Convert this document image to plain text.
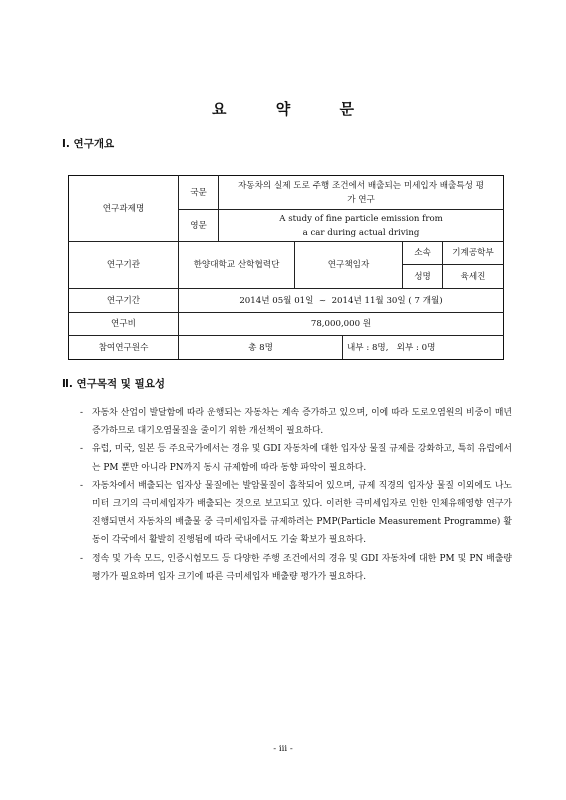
요 약 문
Ⅰ. 연구개요
연구과제명	국문	자동차의 실제 도로 주행 조건에서 배출되는 미세입자 배출특성 평가 연구				
	영문	A study of fine particle emission from a car during actual driving				
연구기관	한양대학교 산학협력단		연구책임자		소속	기계공학부
					성명	육세진
연구기간	2014년 05월 01일  ~  2014년 11월 30일 ( 7 개월)					
연구비	78,000,000 원					
참여연구원수	총 8명			내부 : 8명,   외부 : 0명		
Ⅱ. 연구목적 및 필요성
- 자동차 산업이 발달함에 따라 운행되는 자동차는 계속 증가하고 있으며, 이에 따라 도로오염원의 비중이 매년 증가하므로 대기오염물질을 줄이기 위한 개선책이 필요하다.
- 유럽, 미국, 일본 등 주요국가에서는 경유 및 GDI 자동차에 대한 입자상 물질 규제를 강화하고, 특히 유럽에서는 PM 뿐만 아니라 PN까지 동시 규제함에 따라 동향 파악이 필요하다.
- 자동차에서 배출되는 입자상 물질에는 발암물질이 흡착되어 있으며, 규제 직경의 입자상 물질 이외에도 나노미터 크기의 극미세입자가 배출되는 것으로 보고되고 있다. 이러한 극미세입자로 인한 인체유해영향 연구가 진행되면서 자동차의 배출물 중 극미세입자를 규제하려는 PMP(Particle Measurement Programme) 활동이 각국에서 활발히 진행됨에 따라 국내에서도 기술 확보가 필요하다.
- 정속 및 가속 모드, 인증시험모드 등 다양한 주행 조건에서의 경유 및 GDI 자동차에 대한 PM 및 PN 배출량 평가가 필요하며 입자 크기에 따른 극미세입자 배출량 평가가 필요하다.
- iii -
